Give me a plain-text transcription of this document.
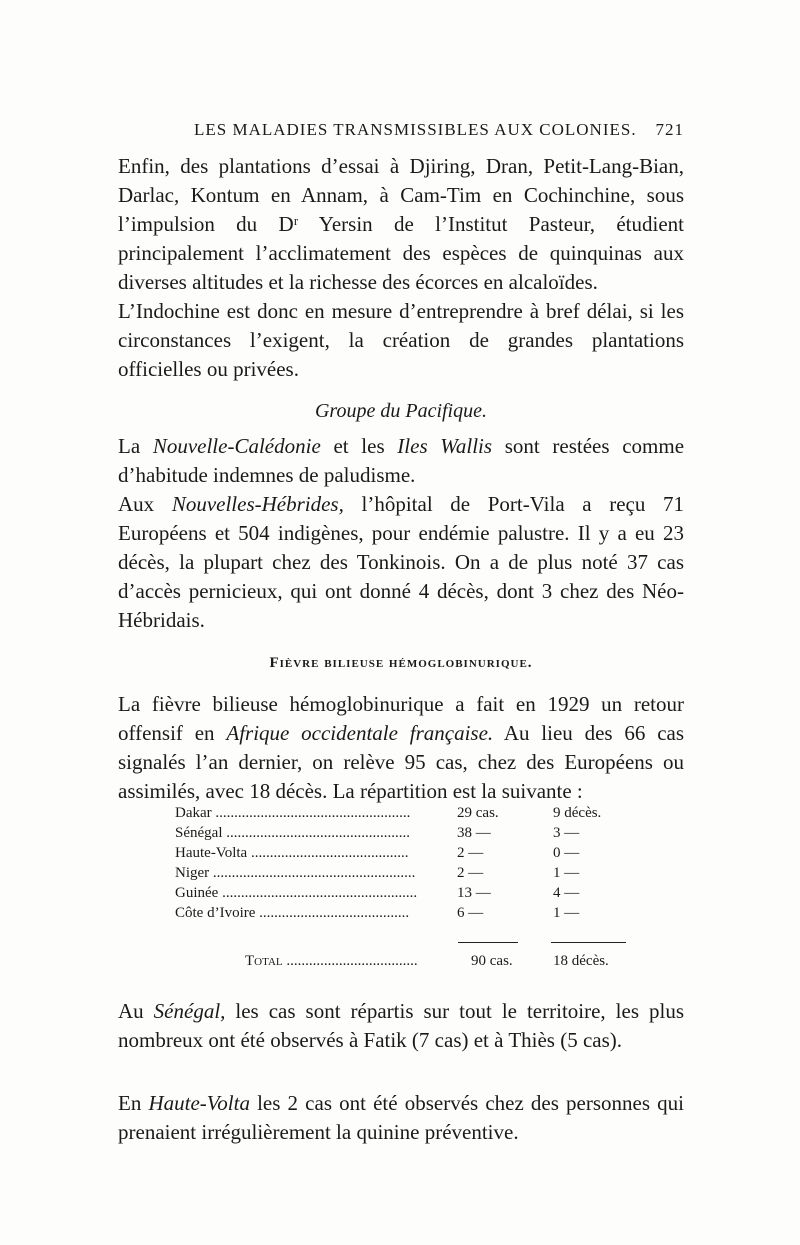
LES MALADIES TRANSMISSIBLES AUX COLONIES. 721
Enfin, des plantations d’essai à Djiring, Dran, Petit-Lang-Bian, Darlac, Kontum en Annam, à Cam-Tim en Cochinchine, sous l’impulsion du Dʳ Yersin de l’Institut Pasteur, étudient principalement l’acclimatement des espèces de quinquinas aux diverses altitudes et la richesse des écorces en alcaloïdes.
L’Indochine est donc en mesure d’entreprendre à bref délai, si les circonstances l’exigent, la création de grandes plantations officielles ou privées.
Groupe du Pacifique.
La Nouvelle-Calédonie et les Iles Wallis sont restées comme d’habitude indemnes de paludisme.
Aux Nouvelles-Hébrides, l’hôpital de Port-Vila a reçu 71 Européens et 504 indigènes, pour endémie palustre. Il y a eu 23 décès, la plupart chez des Tonkinois. On a de plus noté 37 cas d’accès pernicieux, qui ont donné 4 décès, dont 3 chez des Néo-Hébridais.
Fièvre bilieuse hémoglobinurique.
La fièvre bilieuse hémoglobinurique a fait en 1929 un retour offensif en Afrique occidentale française. Au lieu des 66 cas signalés l’an dernier, on relève 95 cas, chez des Européens ou assimilés, avec 18 décès. La répartition est la suivante :
Dakar ....................................................	29 cas.	9 décès.
Sénégal .................................................	38 —	3 —
Haute-Volta ..........................................	2 —	0 —
Niger ......................................................	2 —	1 —
Guinée ....................................................	13 —	4 —
Côte d’Ivoire ........................................	6 —	1 —
Total ...................................	90 cas.	18 décès.
Au Sénégal, les cas sont répartis sur tout le territoire, les plus nombreux ont été observés à Fatik (7 cas) et à Thiès (5 cas).
En Haute-Volta les 2 cas ont été observés chez des personnes qui prenaient irrégulièrement la quinine préventive.
